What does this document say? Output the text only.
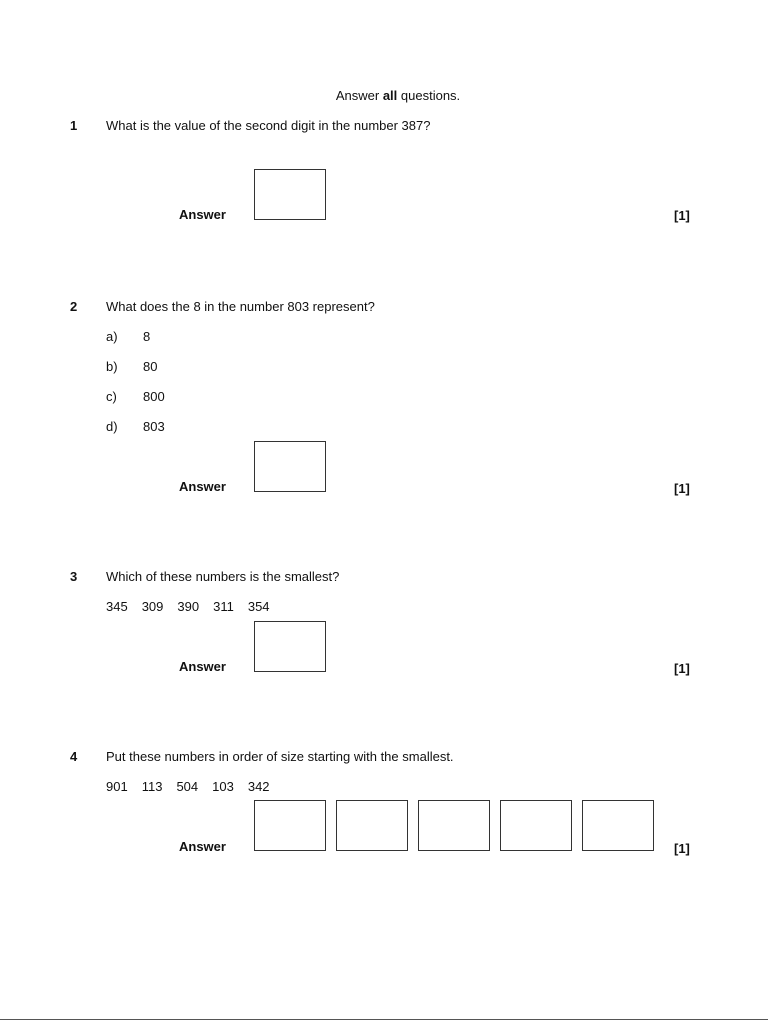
Answer all questions.
1 What is the value of the second digit in the number 387?
Answer	[1]
2 What does the 8 in the number 803 represent?
a) 8
b) 80
c) 800
d) 803
Answer	[1]
3 Which of these numbers is the smallest?
345 309 390 311 354
Answer	[1]
4 Put these numbers in order of size starting with the smallest.
901 113 504 103 342
Answer	[1]
